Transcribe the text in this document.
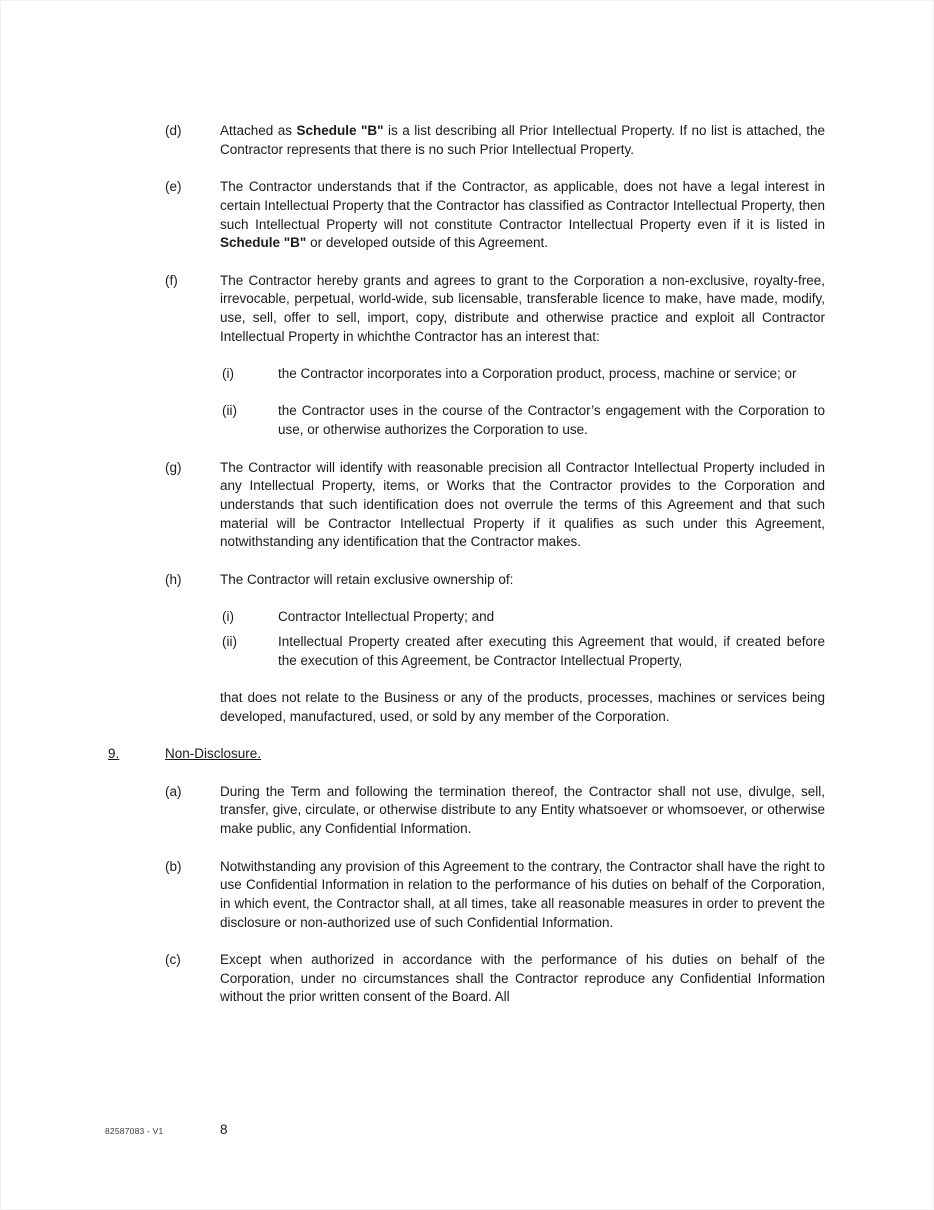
(d)	Attached as Schedule "B" is a list describing all Prior Intellectual Property. If no list is attached, the Contractor represents that there is no such Prior Intellectual Property.
(e)	The Contractor understands that if the Contractor, as applicable, does not have a legal interest in certain Intellectual Property that the Contractor has classified as Contractor Intellectual Property, then such Intellectual Property will not constitute Contractor Intellectual Property even if it is listed in Schedule "B" or developed outside of this Agreement.
(f)	The Contractor hereby grants and agrees to grant to the Corporation a non-exclusive, royalty-free, irrevocable, perpetual, world-wide, sub licensable, transferable licence to make, have made, modify, use, sell, offer to sell, import, copy, distribute and otherwise practice and exploit all Contractor Intellectual Property in whichthe Contractor has an interest that:
(i)	the Contractor incorporates into a Corporation product, process, machine or service; or
(ii)	the Contractor uses in the course of the Contractor’s engagement with the Corporation to use, or otherwise authorizes the Corporation to use.
(g)	The Contractor will identify with reasonable precision all Contractor Intellectual Property included in any Intellectual Property, items, or Works that the Contractor provides to the Corporation and understands that such identification does not overrule the terms of this Agreement and that such material will be Contractor Intellectual Property if it qualifies as such under this Agreement, notwithstanding any identification that the Contractor makes.
(h)	The Contractor will retain exclusive ownership of:
(i)	Contractor Intellectual Property; and
(ii)	Intellectual Property created after executing this Agreement that would, if created before the execution of this Agreement, be Contractor Intellectual Property,
that does not relate to the Business or any of the products, processes, machines or services being developed, manufactured, used, or sold by any member of the Corporation.
9.	Non-Disclosure.
(a)	During the Term and following the termination thereof, the Contractor shall not use, divulge, sell, transfer, give, circulate, or otherwise distribute to any Entity whatsoever or whomsoever, or otherwise make public, any Confidential Information.
(b)	Notwithstanding any provision of this Agreement to the contrary, the Contractor shall have the right to use Confidential Information in relation to the performance of his duties on behalf of the Corporation, in which event, the Contractor shall, at all times, take all reasonable measures in order to prevent the disclosure or non-authorized use of such Confidential Information.
(c)	Except when authorized in accordance with the performance of his duties on behalf of the Corporation, under no circumstances shall the Contractor reproduce any Confidential Information without the prior written consent of the Board. All
82587083 - V1	8
